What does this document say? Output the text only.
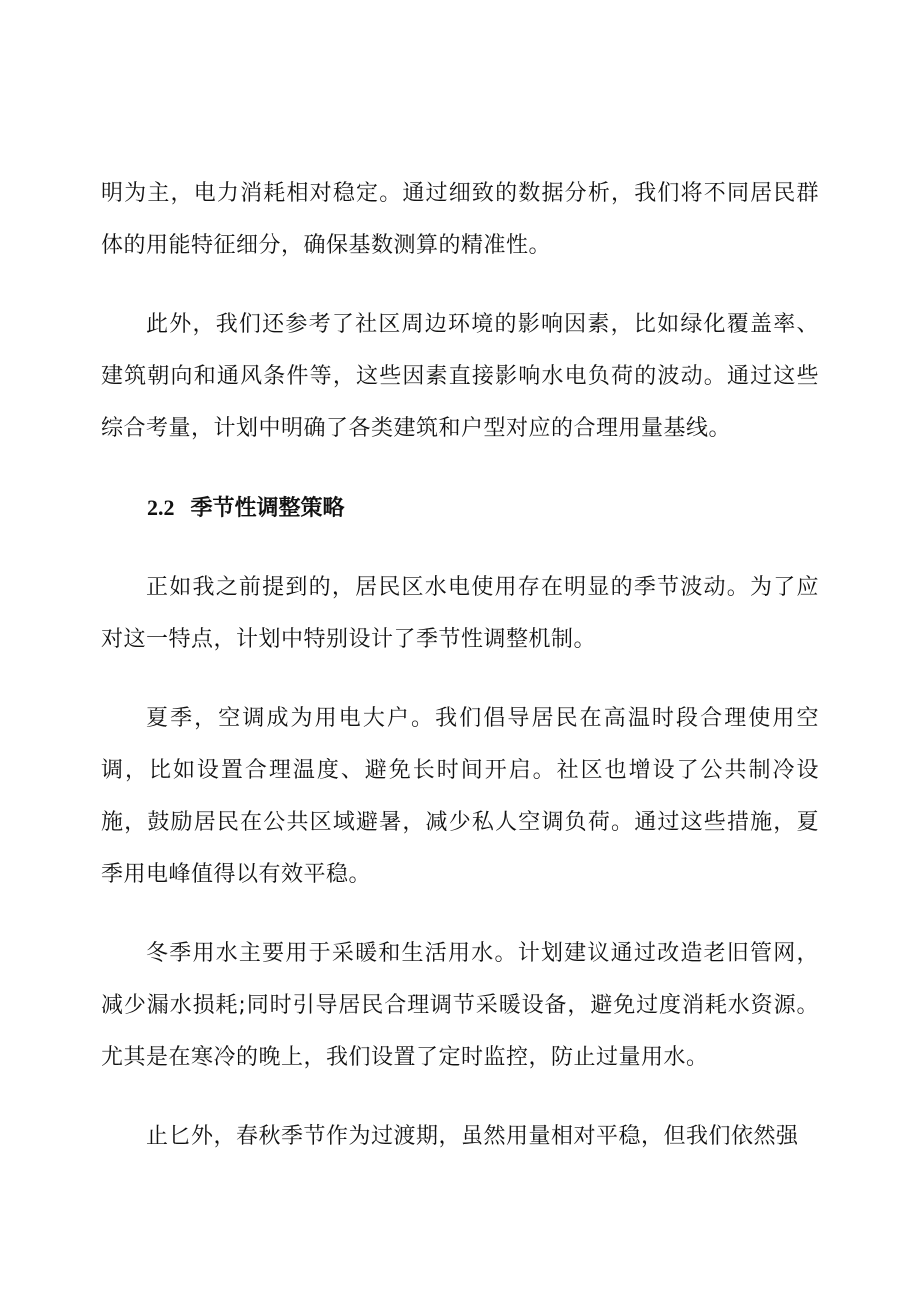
明为主，电力消耗相对稳定。通过细致的数据分析，我们将不同居民群体的用能特征细分，确保基数测算的精准性。

此外，我们还参考了社区周边环境的影响因素，比如绿化覆盖率、建筑朝向和通风条件等，这些因素直接影响水电负荷的波动。通过这些综合考量，计划中明确了各类建筑和户型对应的合理用量基线。

2.2 季节性调整策略

正如我之前提到的，居民区水电使用存在明显的季节波动。为了应对这一特点，计划中特别设计了季节性调整机制。

夏季，空调成为用电大户。我们倡导居民在高温时段合理使用空调，比如设置合理温度、避免长时间开启。社区也增设了公共制冷设施，鼓励居民在公共区域避暑，减少私人空调负荷。通过这些措施，夏季用电峰值得以有效平稳。

冬季用水主要用于采暖和生活用水。计划建议通过改造老旧管网，减少漏水损耗;同时引导居民合理调节采暖设备，避免过度消耗水资源。尤其是在寒冷的晚上，我们设置了定时监控，防止过量用水。

止匕外，春秋季节作为过渡期，虽然用量相对平稳，但我们依然强
